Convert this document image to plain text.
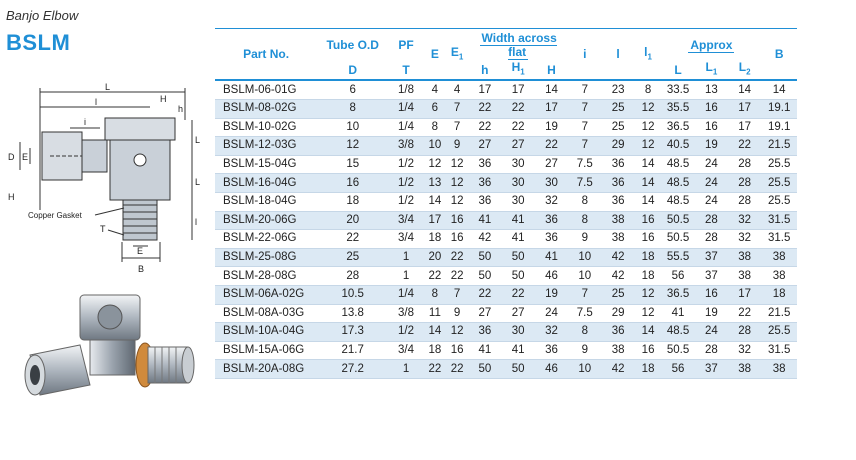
Banjo Elbow
BSLM
L
l	H
h
i
L
D E
L
H
l
Copper Gasket
T
E
B
Part No.	Tube O.D	PF	E	$E_1$	Width across flat			i	l	$l_1$	Approx			B
	D	T			h	$H_1$	H				L	$L_1$	$L_2$
BSLM-06-01G	6	1/8	4	4	17	17	14	7	23	8	33.5	13	14	14
BSLM-08-02G	8	1/4	6	7	22	22	17	7	25	12	35.5	16	17	19.1
BSLM-10-02G	10	1/4	8	7	22	22	19	7	25	12	36.5	16	17	19.1
BSLM-12-03G	12	3/8	10	9	27	27	22	7	29	12	40.5	19	22	21.5
BSLM-15-04G	15	1/2	12	12	36	30	27	7.5	36	14	48.5	24	28	25.5
BSLM-16-04G	16	1/2	13	12	36	30	30	7.5	36	14	48.5	24	28	25.5
BSLM-18-04G	18	1/2	14	12	36	30	32	8	36	14	48.5	24	28	25.5
BSLM-20-06G	20	3/4	17	16	41	41	36	8	38	16	50.5	28	32	31.5
BSLM-22-06G	22	3/4	18	16	42	41	36	9	38	16	50.5	28	32	31.5
BSLM-25-08G	25	1	20	22	50	50	41	10	42	18	55.5	37	38	38
BSLM-28-08G	28	1	22	22	50	50	46	10	42	18	56	37	38	38
BSLM-06A-02G	10.5	1/4	8	7	22	22	19	7	25	12	36.5	16	17	18
BSLM-08A-03G	13.8	3/8	11	9	27	27	24	7.5	29	12	41	19	22	21.5
BSLM-10A-04G	17.3	1/2	14	12	36	30	32	8	36	14	48.5	24	28	25.5
BSLM-15A-06G	21.7	3/4	18	16	41	41	36	9	38	16	50.5	28	32	31.5
BSLM-20A-08G	27.2	1	22	22	50	50	46	10	42	18	56	37	38	38
